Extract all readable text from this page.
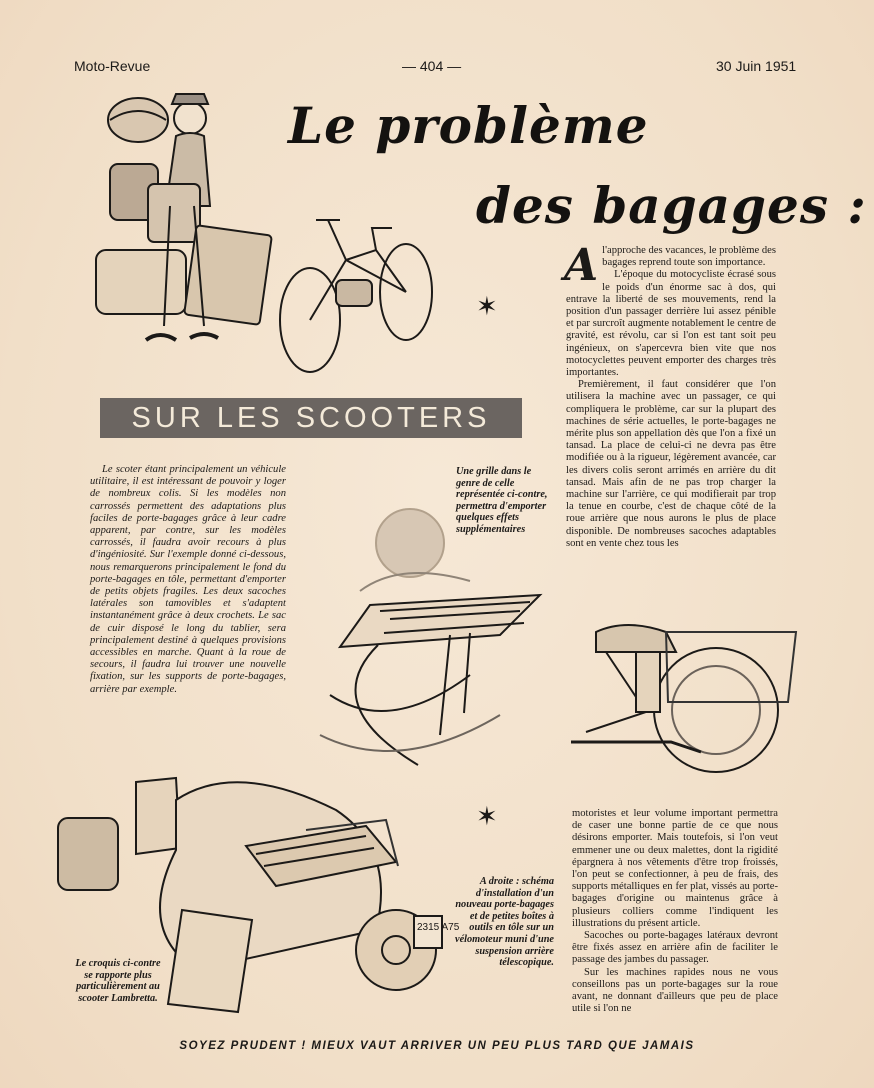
Moto-Revue	— 404 —	30 Juin 1951
Le problème
des bagages :
✶
✶
SUR LES SCOOTERS

Le scoter étant principalement un véhicule utilitaire, il est intéressant de pouvoir y loger de nombreux colis. Si les modèles non carrossés permettent des adaptations plus faciles de porte-bagages grâce à leur cadre apparent, par contre, sur les modèles carrossés, il faudra avoir recours à plus d'ingéniosité. Sur l'exemple donné ci-dessous, nous remarquerons principalement le fond du porte-bagages en tôle, permettant d'emporter de petits objets fragiles. Les deux sacoches latérales son tamovibles et s'adaptent instantanément grâce à deux crochets. Le sac de cuir disposé le long du tablier, sera principalement destiné à quelques provisions accessibles en marche. Quant à la roue de secours, il faudra lui trouver une nouvelle fixation, sur les supports de porte-bagages, arrière par exemple.

Une grille dans le genre de celle représentée ci-contre, permettra d'emporter quelques effets supplémentaires
A l'approche des vacances, le problème des bagages reprend toute son importance.

L'époque du motocycliste écrasé sous le poids d'un énorme sac à dos, qui entrave la liberté de ses mouvements, rend la position d'un passager derrière lui assez pénible et par surcroît augmente notablement le centre de gravité, est révolu, car si l'on est tant soit peu ingénieux, on s'apercevra bien vite que nos motocyclettes peuvent emporter des charges très importantes.

Premièrement, il faut considérer que l'on utilisera la machine avec un passager, ce qui compliquera le problème, car sur la plupart des machines de série actuelles, le porte-bagages ne mérite plus son appellation dès que l'on a fixé un tansad. La place de celui-ci ne devra pas être modifiée ou à la rigueur, légèrement avancée, car les divers colis seront arrimés en arrière du dit tansad. Mais afin de ne pas trop charger la machine sur l'arrière, ce qui modifierait par trop la tenue en courbe, c'est de chaque côté de la roue arrière que nous aurons le plus de place disponible. De nombreuses sacoches adaptables sont en vente chez tous les

motoristes et leur volume important permettra de caser une bonne partie de ce que nous désirons emporter. Mais toutefois, si l'on veut emmener une ou deux malettes, dont la rigidité épargnera à nos vêtements d'être trop froissés, l'on peut se confectionner, à peu de frais, des supports métalliques en fer plat, vissés au porte-bagages d'origine ou maintenus grâce à plusieurs colliers comme l'indiquent les illustrations du présent article.

Sacoches ou porte-bagages latéraux devront être fixés assez en arrière afin de faciliter le passage des jambes du passager.

Sur les machines rapides nous ne vous conseillons pas un porte-bagages sur la roue avant, ne donnant d'ailleurs que peu de place utile si l'on ne

A droite : schéma d'installation d'un nouveau porte-bagages et de petites boîtes à outils en tôle sur un vélomoteur muni d'une suspension arrière télescopique.
2315 A75
Le croquis ci-contre se rapporte plus particulièrement au scooter Lambretta.
SOYEZ PRUDENT ! MIEUX VAUT ARRIVER UN PEU PLUS TARD QUE JAMAIS
